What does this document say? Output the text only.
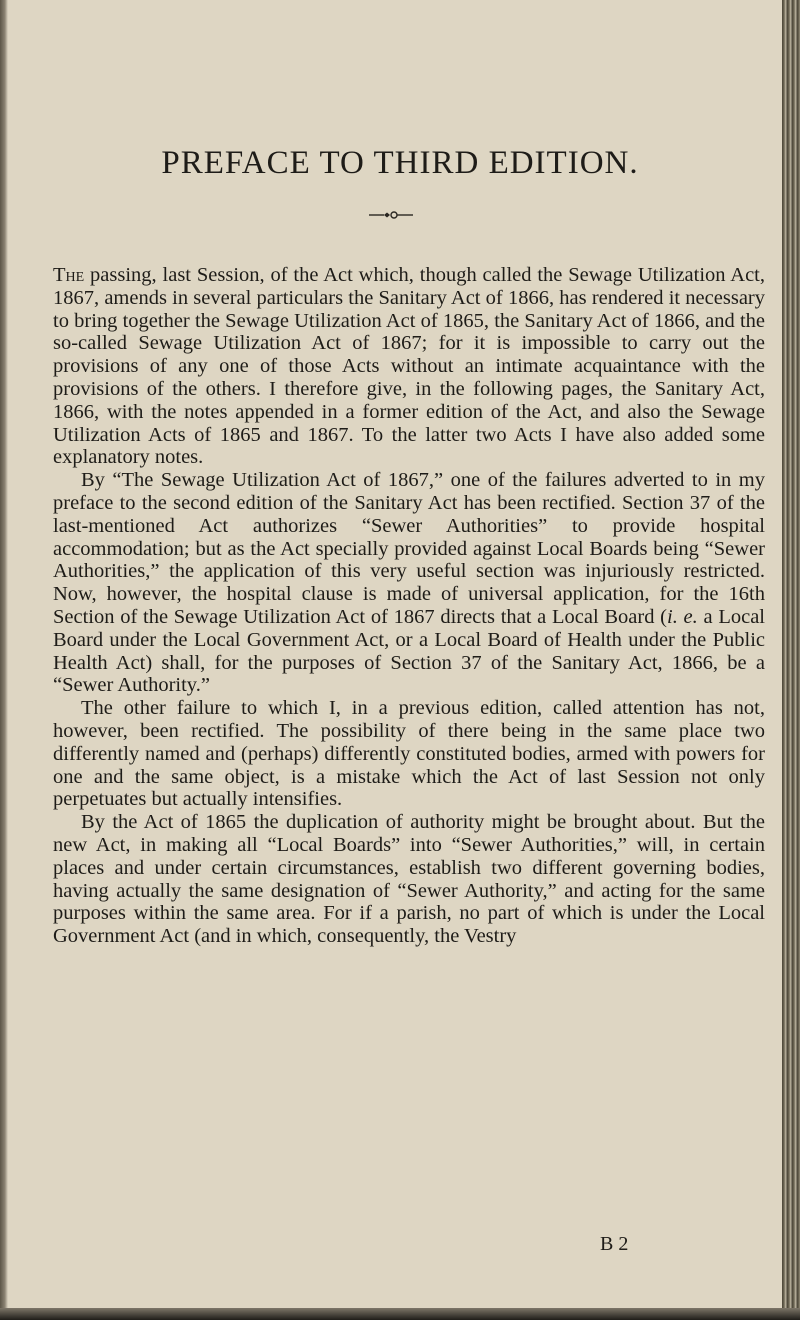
PREFACE TO THIRD EDITION.

The passing, last Session, of the Act which, though called the Sewage Utilization Act, 1867, amends in several particulars the Sanitary Act of 1866, has rendered it necessary to bring together the Sewage Utilization Act of 1865, the Sanitary Act of 1866, and the so-called Sewage Utilization Act of 1867; for it is impossible to carry out the provisions of any one of those Acts without an intimate acquaintance with the provisions of the others. I therefore give, in the following pages, the Sanitary Act, 1866, with the notes appended in a former edition of the Act, and also the Sewage Utilization Acts of 1865 and 1867. To the latter two Acts I have also added some explanatory notes.

By “The Sewage Utilization Act of 1867,” one of the failures adverted to in my preface to the second edition of the Sanitary Act has been rectified. Section 37 of the last-mentioned Act authorizes “Sewer Authorities” to provide hospital accommodation; but as the Act specially provided against Local Boards being “Sewer Authorities,” the application of this very useful section was injuriously restricted. Now, however, the hospital clause is made of universal application, for the 16th Section of the Sewage Utilization Act of 1867 directs that a Local Board (i. e. a Local Board under the Local Government Act, or a Local Board of Health under the Public Health Act) shall, for the purposes of Section 37 of the Sanitary Act, 1866, be a “Sewer Authority.”

The other failure to which I, in a previous edition, called attention has not, however, been rectified. The possibility of there being in the same place two differently named and (perhaps) differently constituted bodies, armed with powers for one and the same object, is a mistake which the Act of last Session not only perpetuates but actually intensifies.

By the Act of 1865 the duplication of authority might be brought about. But the new Act, in making all “Local Boards” into “Sewer Authorities,” will, in certain places and under certain circumstances, establish two different governing bodies, having actually the same designation of “Sewer Authority,” and acting for the same purposes within the same area. For if a parish, no part of which is under the Local Government Act (and in which, consequently, the Vestry

B 2
